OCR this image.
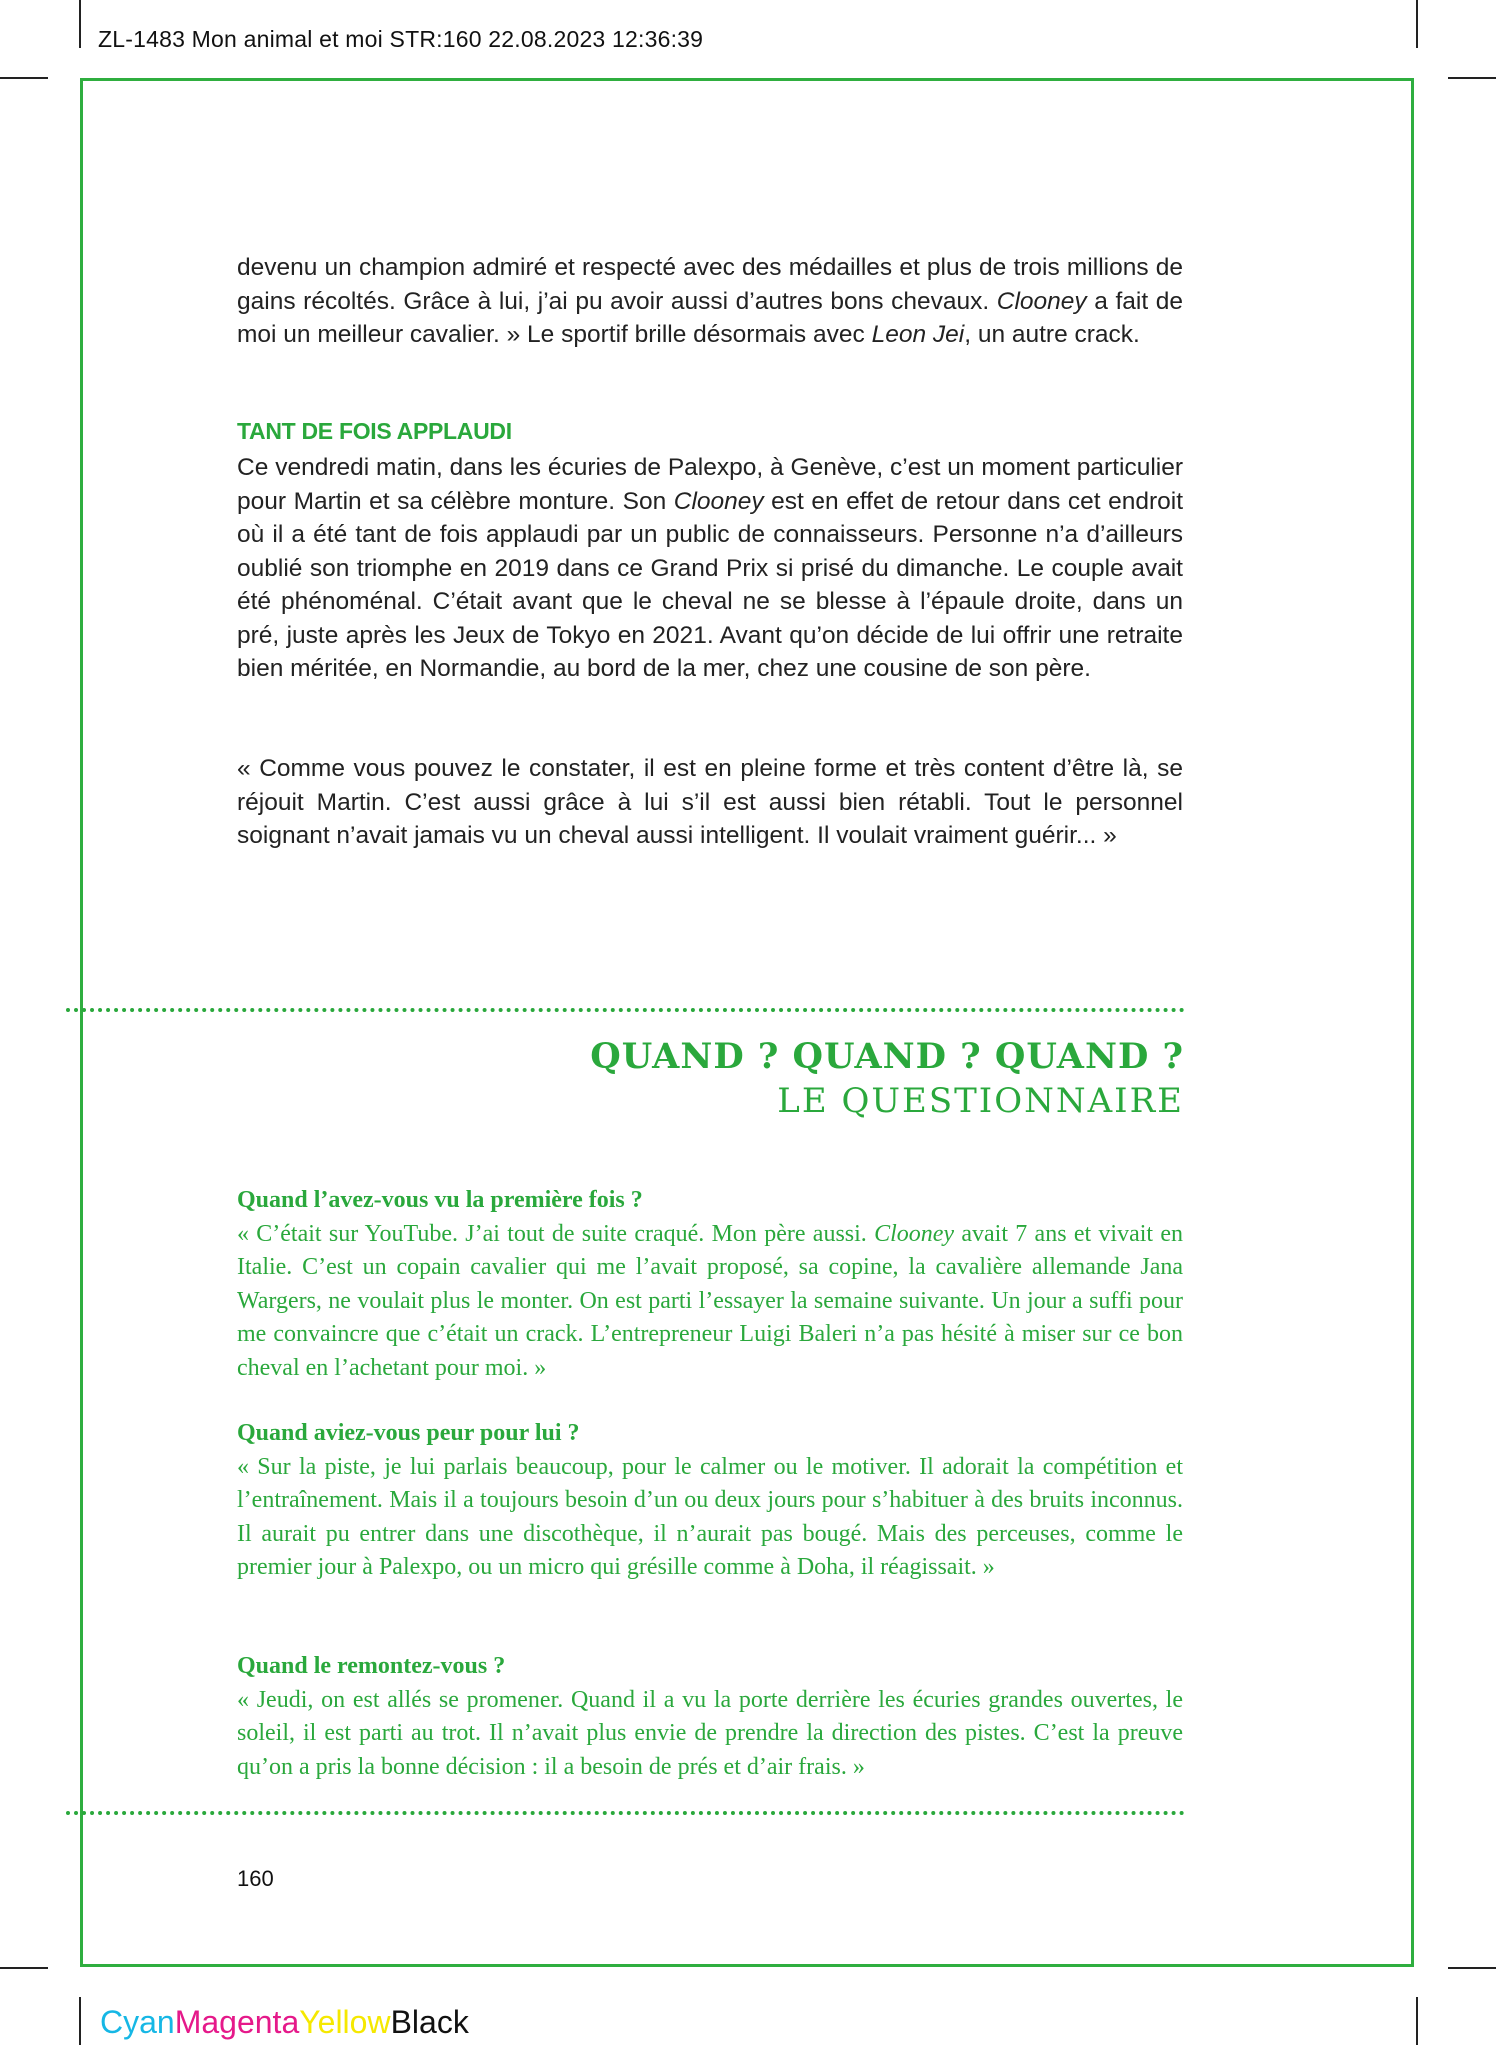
ZL-1483 Mon animal et moi STR:160 22.08.2023 12:36:39

devenu un champion admiré et respecté avec des médailles et plus de trois millions de gains récoltés. Grâce à lui, j’ai pu avoir aussi d’autres bons chevaux. Clooney a fait de moi un meilleur cavalier. » Le sportif brille désormais avec Leon Jei, un autre crack.

TANT DE FOIS APPLAUDI

Ce vendredi matin, dans les écuries de Palexpo, à Genève, c’est un moment particulier pour Martin et sa célèbre monture. Son Clooney est en effet de retour dans cet endroit où il a été tant de fois applaudi par un public de connaisseurs. Personne n’a d’ailleurs oublié son triomphe en 2019 dans ce Grand Prix si prisé du dimanche. Le couple avait été phénoménal. C’était avant que le cheval ne se blesse à l’épaule droite, dans un pré, juste après les Jeux de Tokyo en 2021. Avant qu’on décide de lui offrir une retraite bien méritée, en Normandie, au bord de la mer, chez une cousine de son père.

« Comme vous pouvez le constater, il est en pleine forme et très content d’être là, se réjouit Martin. C’est aussi grâce à lui s’il est aussi bien rétabli. Tout le personnel soignant n’avait jamais vu un cheval aussi intelligent. Il voulait vraiment guérir... »

QUAND ? QUAND ? QUAND ?
LE QUESTIONNAIRE
Quand l’avez-vous vu la première fois ?
« C’était sur YouTube. J’ai tout de suite craqué. Mon père aussi. Clooney avait 7 ans et vivait en Italie. C’est un copain cavalier qui me l’avait proposé, sa copine, la cavalière allemande Jana Wargers, ne voulait plus le monter. On est parti l’essayer la semaine suivante. Un jour a suffi pour me convaincre que c’était un crack. L’entrepreneur Luigi Baleri n’a pas hésité à miser sur ce bon cheval en l’achetant pour moi. »
Quand aviez-vous peur pour lui ?
« Sur la piste, je lui parlais beaucoup, pour le calmer ou le motiver. Il adorait la compétition et l’entraînement. Mais il a toujours besoin d’un ou deux jours pour s’habituer à des bruits inconnus. Il aurait pu entrer dans une discothèque, il n’aurait pas bougé. Mais des perceuses, comme le premier jour à Palexpo, ou un micro qui grésille comme à Doha, il réagissait. »
Quand le remontez-vous ?
« Jeudi, on est allés se promener. Quand il a vu la porte derrière les écuries grandes ouvertes, le soleil, il est parti au trot. Il n’avait plus envie de prendre la direction des pistes. C’est la preuve qu’on a pris la bonne décision : il a besoin de prés et d’air frais. »
160
CyanMagentaYellowBlack
